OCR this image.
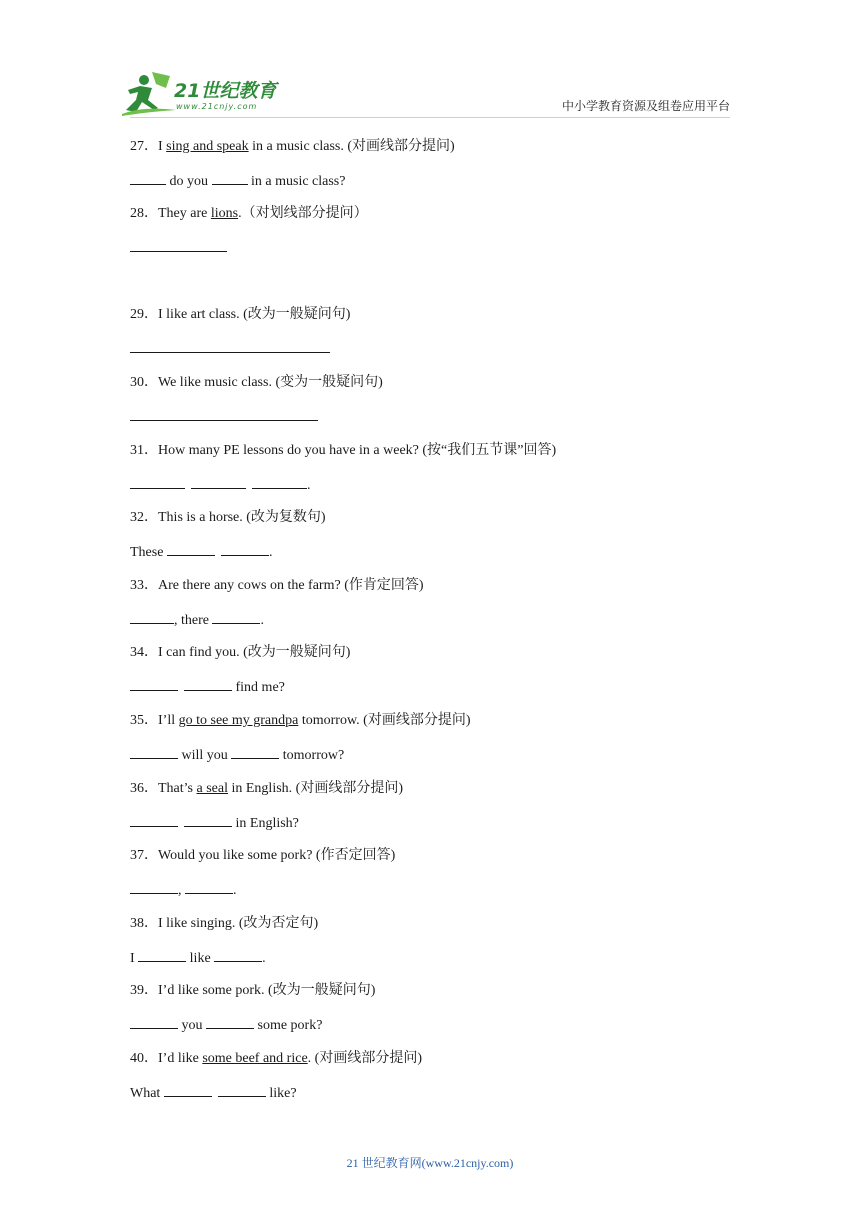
21世纪教育
www.21cnjy.com	中小学教育资源及组卷应用平台
27．I sing and speak in a music class. (对画线部分提问)
do you	in a music class?
28．They are lions.（对划线部分提问）
29．I like art class. (改为一般疑问句)
30．We like music class. (变为一般疑问句)
31．How many PE lessons do you have in a week? (按“我们五节课”回答)
.
32．This is a horse. (改为复数句)
These	.
33．Are there any cows on the farm? (作肯定回答)
, there	.
34．I can find you. (改为一般疑问句)
find me?
35．I’ll go to see my grandpa tomorrow. (对画线部分提问)
will you	tomorrow?
36．That’s a seal in English. (对画线部分提问)
in English?
37．Would you like some pork? (作否定回答)
,	.
38．I like singing. (改为否定句)
I	like	.
39．I’d like some pork. (改为一般疑问句)
you	some pork?
40．I’d like some beef and rice. (对画线部分提问)
What	like?
21 世纪教育网(www.21cnjy.com)
